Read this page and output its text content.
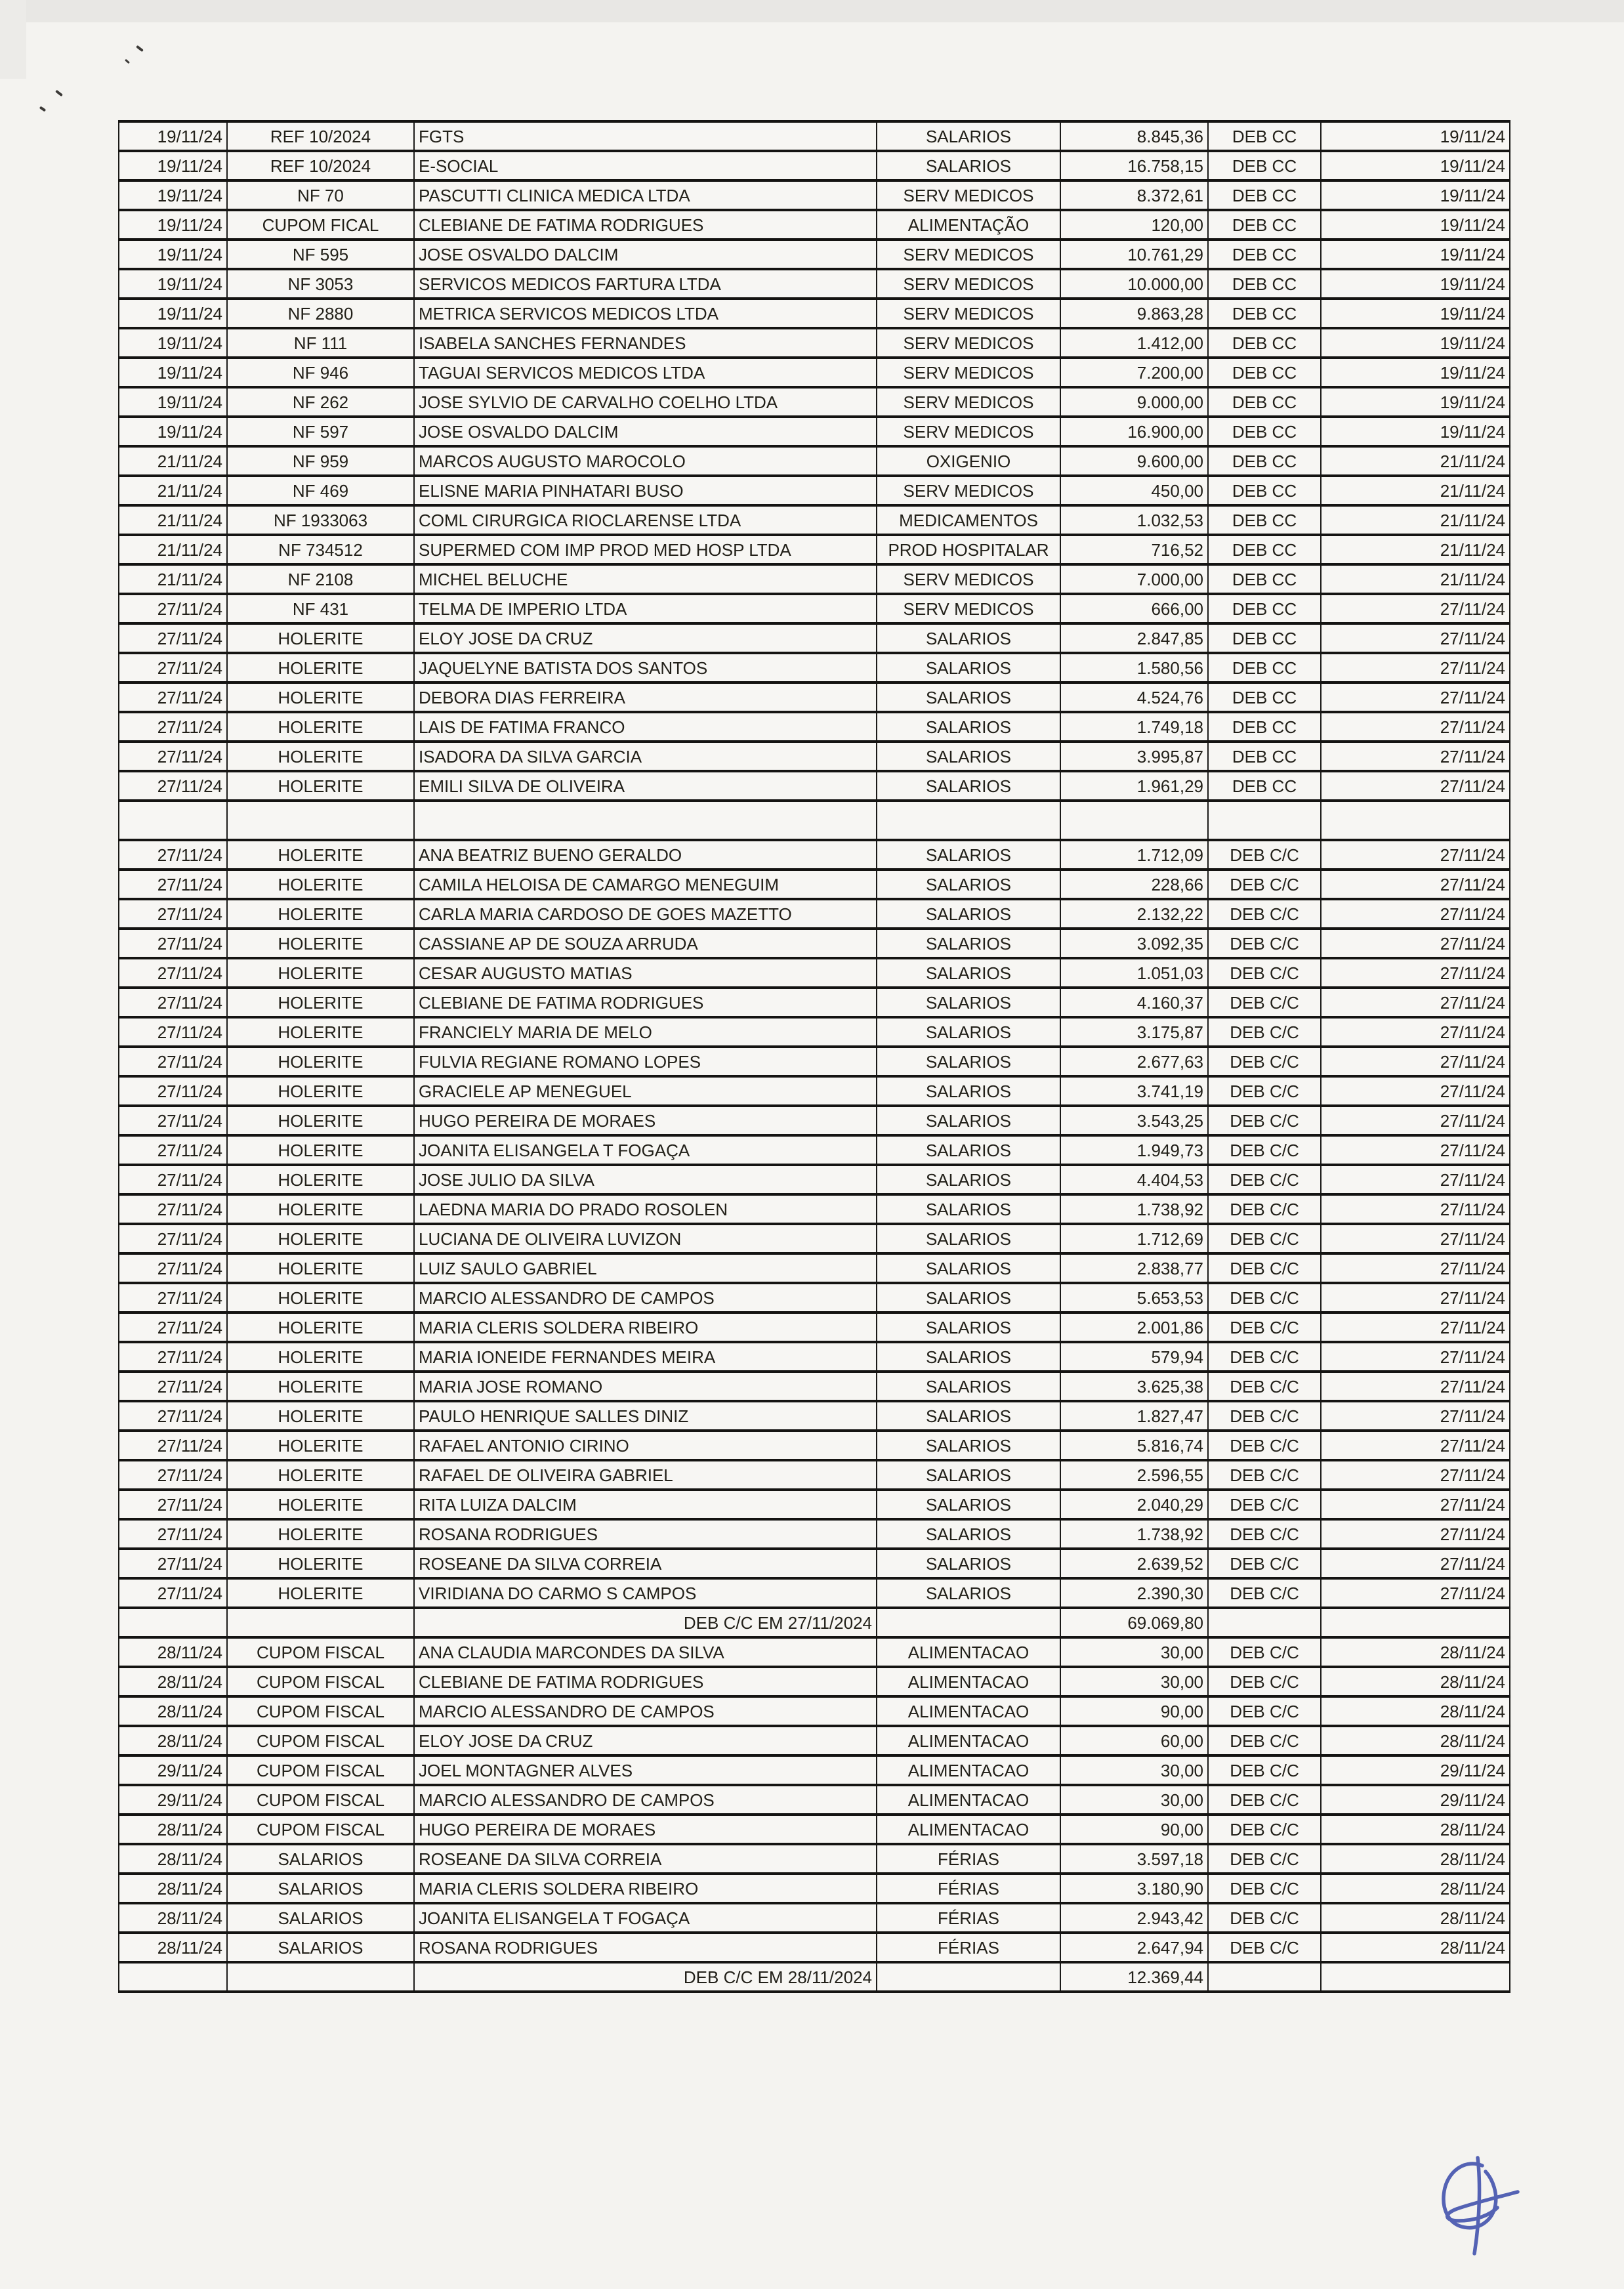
19/11/24	REF 10/2024	FGTS	SALARIOS	8.845,36	DEB CC	19/11/24
19/11/24	REF 10/2024	E-SOCIAL	SALARIOS	16.758,15	DEB CC	19/11/24
19/11/24	NF 70	PASCUTTI CLINICA MEDICA LTDA	SERV MEDICOS	8.372,61	DEB CC	19/11/24
19/11/24	CUPOM FICAL	CLEBIANE DE FATIMA RODRIGUES	ALIMENTAÇÃO	120,00	DEB CC	19/11/24
19/11/24	NF 595	JOSE OSVALDO DALCIM	SERV MEDICOS	10.761,29	DEB CC	19/11/24
19/11/24	NF 3053	SERVICOS MEDICOS FARTURA LTDA	SERV MEDICOS	10.000,00	DEB CC	19/11/24
19/11/24	NF 2880	METRICA SERVICOS MEDICOS LTDA	SERV MEDICOS	9.863,28	DEB CC	19/11/24
19/11/24	NF 111	ISABELA SANCHES FERNANDES	SERV MEDICOS	1.412,00	DEB CC	19/11/24
19/11/24	NF 946	TAGUAI SERVICOS MEDICOS LTDA	SERV MEDICOS	7.200,00	DEB CC	19/11/24
19/11/24	NF 262	JOSE SYLVIO DE CARVALHO COELHO LTDA	SERV MEDICOS	9.000,00	DEB CC	19/11/24
19/11/24	NF 597	JOSE OSVALDO DALCIM	SERV MEDICOS	16.900,00	DEB CC	19/11/24
21/11/24	NF 959	MARCOS AUGUSTO MAROCOLO	OXIGENIO	9.600,00	DEB CC	21/11/24
21/11/24	NF 469	ELISNE MARIA PINHATARI BUSO	SERV MEDICOS	450,00	DEB CC	21/11/24
21/11/24	NF 1933063	COML CIRURGICA RIOCLARENSE LTDA	MEDICAMENTOS	1.032,53	DEB CC	21/11/24
21/11/24	NF 734512	SUPERMED COM IMP PROD MED HOSP LTDA	PROD HOSPITALAR	716,52	DEB CC	21/11/24
21/11/24	NF 2108	MICHEL BELUCHE	SERV MEDICOS	7.000,00	DEB CC	21/11/24
27/11/24	NF 431	TELMA DE IMPERIO LTDA	SERV MEDICOS	666,00	DEB CC	27/11/24
27/11/24	HOLERITE	ELOY JOSE DA CRUZ	SALARIOS	2.847,85	DEB CC	27/11/24
27/11/24	HOLERITE	JAQUELYNE BATISTA DOS SANTOS	SALARIOS	1.580,56	DEB CC	27/11/24
27/11/24	HOLERITE	DEBORA DIAS FERREIRA	SALARIOS	4.524,76	DEB CC	27/11/24
27/11/24	HOLERITE	LAIS DE FATIMA FRANCO	SALARIOS	1.749,18	DEB CC	27/11/24
27/11/24	HOLERITE	ISADORA DA SILVA GARCIA	SALARIOS	3.995,87	DEB CC	27/11/24
27/11/24	HOLERITE	EMILI SILVA DE OLIVEIRA	SALARIOS	1.961,29	DEB CC	27/11/24

27/11/24	HOLERITE	ANA BEATRIZ BUENO GERALDO	SALARIOS	1.712,09	DEB C/C	27/11/24
27/11/24	HOLERITE	CAMILA HELOISA DE CAMARGO MENEGUIM	SALARIOS	228,66	DEB C/C	27/11/24
27/11/24	HOLERITE	CARLA MARIA CARDOSO DE GOES MAZETTO	SALARIOS	2.132,22	DEB C/C	27/11/24
27/11/24	HOLERITE	CASSIANE AP DE SOUZA ARRUDA	SALARIOS	3.092,35	DEB C/C	27/11/24
27/11/24	HOLERITE	CESAR AUGUSTO MATIAS	SALARIOS	1.051,03	DEB C/C	27/11/24
27/11/24	HOLERITE	CLEBIANE DE FATIMA RODRIGUES	SALARIOS	4.160,37	DEB C/C	27/11/24
27/11/24	HOLERITE	FRANCIELY MARIA DE MELO	SALARIOS	3.175,87	DEB C/C	27/11/24
27/11/24	HOLERITE	FULVIA REGIANE ROMANO LOPES	SALARIOS	2.677,63	DEB C/C	27/11/24
27/11/24	HOLERITE	GRACIELE AP MENEGUEL	SALARIOS	3.741,19	DEB C/C	27/11/24
27/11/24	HOLERITE	HUGO PEREIRA DE MORAES	SALARIOS	3.543,25	DEB C/C	27/11/24
27/11/24	HOLERITE	JOANITA ELISANGELA T FOGAÇA	SALARIOS	1.949,73	DEB C/C	27/11/24
27/11/24	HOLERITE	JOSE JULIO DA SILVA	SALARIOS	4.404,53	DEB C/C	27/11/24
27/11/24	HOLERITE	LAEDNA MARIA DO PRADO ROSOLEN	SALARIOS	1.738,92	DEB C/C	27/11/24
27/11/24	HOLERITE	LUCIANA DE OLIVEIRA LUVIZON	SALARIOS	1.712,69	DEB C/C	27/11/24
27/11/24	HOLERITE	LUIZ SAULO GABRIEL	SALARIOS	2.838,77	DEB C/C	27/11/24
27/11/24	HOLERITE	MARCIO ALESSANDRO DE CAMPOS	SALARIOS	5.653,53	DEB C/C	27/11/24
27/11/24	HOLERITE	MARIA CLERIS SOLDERA RIBEIRO	SALARIOS	2.001,86	DEB C/C	27/11/24
27/11/24	HOLERITE	MARIA IONEIDE FERNANDES MEIRA	SALARIOS	579,94	DEB C/C	27/11/24
27/11/24	HOLERITE	MARIA JOSE ROMANO	SALARIOS	3.625,38	DEB C/C	27/11/24
27/11/24	HOLERITE	PAULO HENRIQUE SALLES DINIZ	SALARIOS	1.827,47	DEB C/C	27/11/24
27/11/24	HOLERITE	RAFAEL ANTONIO CIRINO	SALARIOS	5.816,74	DEB C/C	27/11/24
27/11/24	HOLERITE	RAFAEL DE OLIVEIRA GABRIEL	SALARIOS	2.596,55	DEB C/C	27/11/24
27/11/24	HOLERITE	RITA LUIZA DALCIM	SALARIOS	2.040,29	DEB C/C	27/11/24
27/11/24	HOLERITE	ROSANA RODRIGUES	SALARIOS	1.738,92	DEB C/C	27/11/24
27/11/24	HOLERITE	ROSEANE DA SILVA CORREIA	SALARIOS	2.639,52	DEB C/C	27/11/24
27/11/24	HOLERITE	VIRIDIANA DO CARMO S CAMPOS	SALARIOS	2.390,30	DEB C/C	27/11/24
		DEB C/C EM 27/11/2024		69.069,80		
28/11/24	CUPOM FISCAL	ANA CLAUDIA MARCONDES DA SILVA	ALIMENTACAO	30,00	DEB C/C	28/11/24
28/11/24	CUPOM FISCAL	CLEBIANE DE FATIMA RODRIGUES	ALIMENTACAO	30,00	DEB C/C	28/11/24
28/11/24	CUPOM FISCAL	MARCIO ALESSANDRO DE CAMPOS	ALIMENTACAO	90,00	DEB C/C	28/11/24
28/11/24	CUPOM FISCAL	ELOY JOSE DA CRUZ	ALIMENTACAO	60,00	DEB C/C	28/11/24
29/11/24	CUPOM FISCAL	JOEL MONTAGNER ALVES	ALIMENTACAO	30,00	DEB C/C	29/11/24
29/11/24	CUPOM FISCAL	MARCIO ALESSANDRO DE CAMPOS	ALIMENTACAO	30,00	DEB C/C	29/11/24
28/11/24	CUPOM FISCAL	HUGO PEREIRA DE MORAES	ALIMENTACAO	90,00	DEB C/C	28/11/24
28/11/24	SALARIOS	ROSEANE DA SILVA CORREIA	FÉRIAS	3.597,18	DEB C/C	28/11/24
28/11/24	SALARIOS	MARIA CLERIS SOLDERA RIBEIRO	FÉRIAS	3.180,90	DEB C/C	28/11/24
28/11/24	SALARIOS	JOANITA ELISANGELA T FOGAÇA	FÉRIAS	2.943,42	DEB C/C	28/11/24
28/11/24	SALARIOS	ROSANA RODRIGUES	FÉRIAS	2.647,94	DEB C/C	28/11/24
		DEB C/C EM 28/11/2024		12.369,44		
